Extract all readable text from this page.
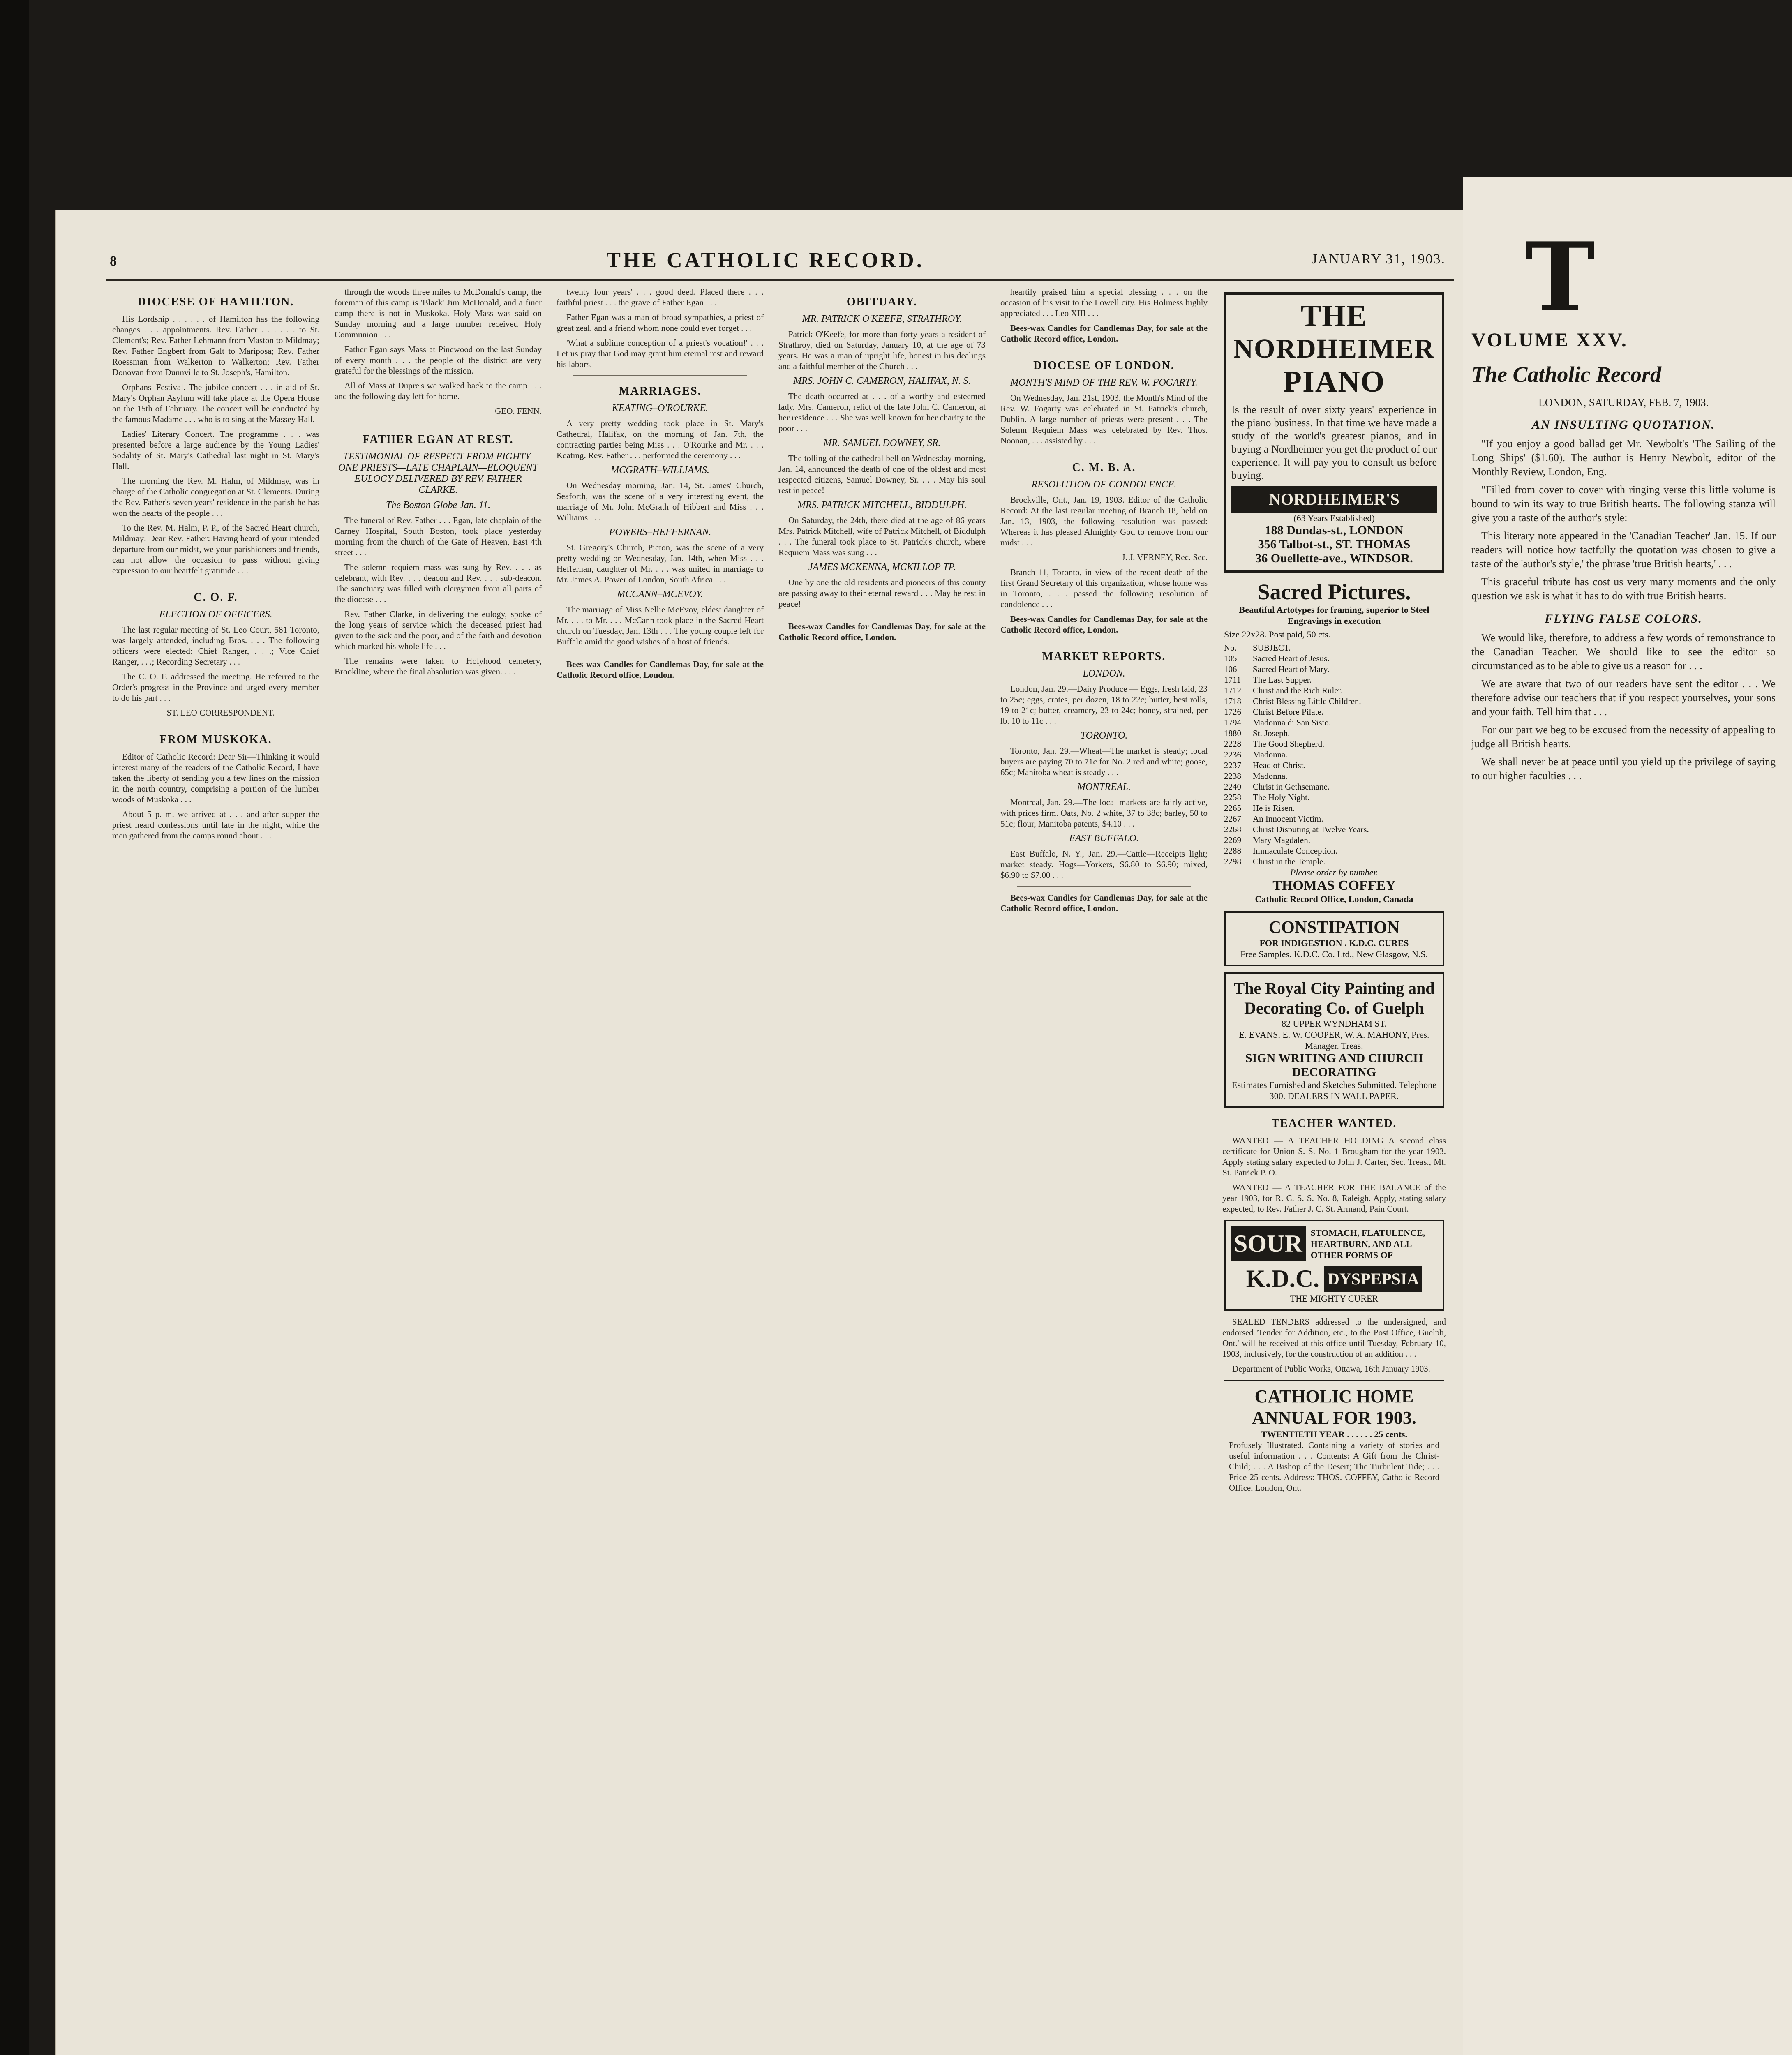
8	THE CATHOLIC RECORD.	JANUARY 31, 1903.
DIOCESE OF HAMILTON.

His Lordship . . . . . . of Hamilton has the following changes . . . appointments. Rev. Father . . . . . . to St. Clement's; Rev. Father Lehmann from Maston to Mildmay; Rev. Father Engbert from Galt to Mariposa; Rev. Father Roessman from Walkerton to Walkerton; Rev. Father Donovan from Dunnville to St. Joseph's, Hamilton.

Orphans' Festival. The jubilee concert . . . in aid of St. Mary's Orphan Asylum will take place at the Opera House on the 15th of February. The concert will be conducted by the famous Madame . . . who is to sing at the Massey Hall.

Ladies' Literary Concert. The programme . . . was presented before a large audience by the Young Ladies' Sodality of St. Mary's Cathedral last night in St. Mary's Hall.

The morning the Rev. M. Halm, of Mildmay, was in charge of the Catholic congregation at St. Clements. During the Rev. Father's seven years' residence in the parish he has won the hearts of the people . . .

To the Rev. M. Halm, P. P., of the Sacred Heart church, Mildmay: Dear Rev. Father: Having heard of your intended departure from our midst, we your parishioners and friends, can not allow the occasion to pass without giving expression to our heartfelt gratitude . . .

C. O. F.
ELECTION OF OFFICERS.

The last regular meeting of St. Leo Court, 581 Toronto, was largely attended, including Bros. . . . The following officers were elected: Chief Ranger, . . .; Vice Chief Ranger, . . .; Recording Secretary . . .

The C. O. F. addressed the meeting. He referred to the Order's progress in the Province and urged every member to do his part . . .

ST. LEO CORRESPONDENT.

FROM MUSKOKA.

Editor of Catholic Record: Dear Sir—Thinking it would interest many of the readers of the Catholic Record, I have taken the liberty of sending you a few lines on the mission in the north country, comprising a portion of the lumber woods of Muskoka . . .

About 5 p. m. we arrived at . . . and after supper the priest heard confessions until late in the night, while the men gathered from the camps round about . . .

through the woods three miles to McDonald's camp, the foreman of this camp is 'Black' Jim McDonald, and a finer camp there is not in Muskoka. Holy Mass was said on Sunday morning and a large number received Holy Communion . . .

Father Egan says Mass at Pinewood on the last Sunday of every month . . . the people of the district are very grateful for the blessings of the mission.

All of Mass at Dupre's we walked back to the camp . . . and the following day left for home.

GEO. FENN.

FATHER EGAN AT REST.
TESTIMONIAL OF RESPECT FROM EIGHTY-ONE PRIESTS—LATE CHAPLAIN—ELOQUENT EULOGY DELIVERED BY REV. FATHER CLARKE.
The Boston Globe Jan. 11.

The funeral of Rev. Father . . . Egan, late chaplain of the Carney Hospital, South Boston, took place yesterday morning from the church of the Gate of Heaven, East 4th street . . .

The solemn requiem mass was sung by Rev. . . . as celebrant, with Rev. . . . deacon and Rev. . . . sub-deacon. The sanctuary was filled with clergymen from all parts of the diocese . . .

Rev. Father Clarke, in delivering the eulogy, spoke of the long years of service which the deceased priest had given to the sick and the poor, and of the faith and devotion which marked his whole life . . .

The remains were taken to Holyhood cemetery, Brookline, where the final absolution was given. . . .

twenty four years' . . . good deed. Placed there . . . faithful priest . . . the grave of Father Egan . . .

Father Egan was a man of broad sympathies, a priest of great zeal, and a friend whom none could ever forget . . .

'What a sublime conception of a priest's vocation!' . . . Let us pray that God may grant him eternal rest and reward his labors.

MARRIAGES.
KEATING–O'ROURKE.

A very pretty wedding took place in St. Mary's Cathedral, Halifax, on the morning of Jan. 7th, the contracting parties being Miss . . . O'Rourke and Mr. . . . Keating. Rev. Father . . . performed the ceremony . . .

MCGRATH–WILLIAMS.

On Wednesday morning, Jan. 14, St. James' Church, Seaforth, was the scene of a very interesting event, the marriage of Mr. John McGrath of Hibbert and Miss . . . Williams . . .

POWERS–HEFFERNAN.

St. Gregory's Church, Picton, was the scene of a very pretty wedding on Wednesday, Jan. 14th, when Miss . . . Heffernan, daughter of Mr. . . . was united in marriage to Mr. James A. Power of London, South Africa . . .

MCCANN–MCEVOY.

The marriage of Miss Nellie McEvoy, eldest daughter of Mr. . . . to Mr. . . . McCann took place in the Sacred Heart church on Tuesday, Jan. 13th . . . The young couple left for Buffalo amid the good wishes of a host of friends.

Bees-wax Candles for Candlemas Day, for sale at the Catholic Record office, London.

OBITUARY.
MR. PATRICK O'KEEFE, STRATHROY.

Patrick O'Keefe, for more than forty years a resident of Strathroy, died on Saturday, January 10, at the age of 73 years. He was a man of upright life, honest in his dealings and a faithful member of the Church . . .

MRS. JOHN C. CAMERON, HALIFAX, N. S.

The death occurred at . . . of a worthy and esteemed lady, Mrs. Cameron, relict of the late John C. Cameron, at her residence . . . She was well known for her charity to the poor . . .

MR. SAMUEL DOWNEY, SR.

The tolling of the cathedral bell on Wednesday morning, Jan. 14, announced the death of one of the oldest and most respected citizens, Samuel Downey, Sr. . . . May his soul rest in peace!

MRS. PATRICK MITCHELL, BIDDULPH.

On Saturday, the 24th, there died at the age of 86 years Mrs. Patrick Mitchell, wife of Patrick Mitchell, of Biddulph . . . The funeral took place to St. Patrick's church, where Requiem Mass was sung . . .

JAMES MCKENNA, MCKILLOP TP.

One by one the old residents and pioneers of this county are passing away to their eternal reward . . . May he rest in peace!

Bees-wax Candles for Candlemas Day, for sale at the Catholic Record office, London.

heartily praised him a special blessing . . . on the occasion of his visit to the Lowell city. His Holiness highly appreciated . . . Leo XIII . . .

Bees-wax Candles for Candlemas Day, for sale at the Catholic Record office, London.

DIOCESE OF LONDON.
MONTH'S MIND OF THE REV. W. FOGARTY.

On Wednesday, Jan. 21st, 1903, the Month's Mind of the Rev. W. Fogarty was celebrated in St. Patrick's church, Dublin. A large number of priests were present . . . The Solemn Requiem Mass was celebrated by Rev. Thos. Noonan, . . . assisted by . . .

C. M. B. A.
RESOLUTION OF CONDOLENCE.

Brockville, Ont., Jan. 19, 1903. Editor of the Catholic Record: At the last regular meeting of Branch 18, held on Jan. 13, 1903, the following resolution was passed: Whereas it has pleased Almighty God to remove from our midst . . .

J. J. VERNEY, Rec. Sec.

Branch 11, Toronto, in view of the recent death of the first Grand Secretary of this organization, whose home was in Toronto, . . . passed the following resolution of condolence . . .

Bees-wax Candles for Candlemas Day, for sale at the Catholic Record office, London.

MARKET REPORTS.
LONDON.

London, Jan. 29.—Dairy Produce — Eggs, fresh laid, 23 to 25c; eggs, crates, per dozen, 18 to 22c; butter, best rolls, 19 to 21c; butter, creamery, 23 to 24c; honey, strained, per lb. 10 to 11c . . .

TORONTO.

Toronto, Jan. 29.—Wheat—The market is steady; local buyers are paying 70 to 71c for No. 2 red and white; goose, 65c; Manitoba wheat is steady . . .

MONTREAL.

Montreal, Jan. 29.—The local markets are fairly active, with prices firm. Oats, No. 2 white, 37 to 38c; barley, 50 to 51c; flour, Manitoba patents, $4.10 . . .

EAST BUFFALO.

East Buffalo, N. Y., Jan. 29.—Cattle—Receipts light; market steady. Hogs—Yorkers, $6.80 to $6.90; mixed, $6.90 to $7.00 . . .

Bees-wax Candles for Candlemas Day, for sale at the Catholic Record office, London.

THE
NORDHEIMER
PIANO

Is the result of over sixty years' experience in the piano business. In that time we have made a study of the world's greatest pianos, and in buying a Nordheimer you get the product of our experience. It will pay you to consult us before buying.

NORDHEIMER'S
(63 Years Established)
188 Dundas-st., LONDON
356 Talbot-st., ST. THOMAS
36 Ouellette-ave., WINDSOR.
Sacred Pictures.
Beautiful Artotypes for framing, superior to Steel Engravings in execution
Size 22x28. Post paid, 50 cts.
No.	SUBJECT.
105	Sacred Heart of Jesus.
106	Sacred Heart of Mary.
1711	The Last Supper.
1712	Christ and the Rich Ruler.
1718	Christ Blessing Little Children.
1726	Christ Before Pilate.
1794	Madonna di San Sisto.
1880	St. Joseph.
2228	The Good Shepherd.
2236	Madonna.
2237	Head of Christ.
2238	Madonna.
2240	Christ in Gethsemane.
2258	The Holy Night.
2265	He is Risen.
2267	An Innocent Victim.
2268	Christ Disputing at Twelve Years.
2269	Mary Magdalen.
2288	Immaculate Conception.
2298	Christ in the Temple.
Please order by number.
THOMAS COFFEY
Catholic Record Office, London, Canada
CONSTIPATION
FOR INDIGESTION . K.D.C. CURES
Free Samples. K.D.C. Co. Ltd., New Glasgow, N.S.
The Royal City Painting and
Decorating Co. of Guelph
82 UPPER WYNDHAM ST.
E. EVANS, E. W. COOPER, W. A. MAHONY, Pres. Manager. Treas.
SIGN WRITING AND CHURCH DECORATING
Estimates Furnished and Sketches Submitted. Telephone 300. DEALERS IN WALL PAPER.
TEACHER WANTED.

WANTED — A TEACHER HOLDING A second class certificate for Union S. S. No. 1 Brougham for the year 1903. Apply stating salary expected to John J. Carter, Sec. Treas., Mt. St. Patrick P. O.

WANTED — A TEACHER FOR THE BALANCE of the year 1903, for R. C. S. S. No. 8, Raleigh. Apply, stating salary expected, to Rev. Father J. C. St. Armand, Pain Court.

SOUR STOMACH, FLATULENCE, HEARTBURN, AND ALL OTHER FORMS OF
K.D.C. DYSPEPSIA
THE MIGHTY CURER

SEALED TENDERS addressed to the undersigned, and endorsed 'Tender for Addition, etc., to the Post Office, Guelph, Ont.' will be received at this office until Tuesday, February 10, 1903, inclusively, for the construction of an addition . . .

Department of Public Works, Ottawa, 16th January 1903.

CATHOLIC HOME ANNUAL FOR 1903.
TWENTIETH YEAR . . . . . . 25 cents.

Profusely Illustrated. Containing a variety of stories and useful information . . . Contents: A Gift from the Christ-Child; . . . A Bishop of the Desert; The Turbulent Tide; . . . Price 25 cents. Address: THOS. COFFEY, Catholic Record Office, London, Ont.

T
VOLUME XXV.
The Catholic Record
LONDON, SATURDAY, FEB. 7, 1903.
AN INSULTING QUOTATION.

"If you enjoy a good ballad get Mr. Newbolt's 'The Sailing of the Long Ships' ($1.60). The author is Henry Newbolt, editor of the Monthly Review, London, Eng.

"Filled from cover to cover with ringing verse this little volume is bound to win its way to true British hearts. The following stanza will give you a taste of the author's style:

This literary note appeared in the 'Canadian Teacher' Jan. 15. If our readers will notice how tactfully the quotation was chosen to give a taste of the 'author's style,' the phrase 'true British hearts,' . . .

This graceful tribute has cost us very many moments and the only question we ask is what it has to do with true British hearts.

FLYING FALSE COLORS.

We would like, therefore, to address a few words of remonstrance to the Canadian Teacher. We should like to see the editor so circumstanced as to be able to give us a reason for . . .

We are aware that two of our readers have sent the editor . . . We therefore advise our teachers that if you respect yourselves, your sons and your faith. Tell him that . . .

For our part we beg to be excused from the necessity of appealing to judge all British hearts.

We shall never be at peace until you yield up the privilege of saying to our higher faculties . . .
